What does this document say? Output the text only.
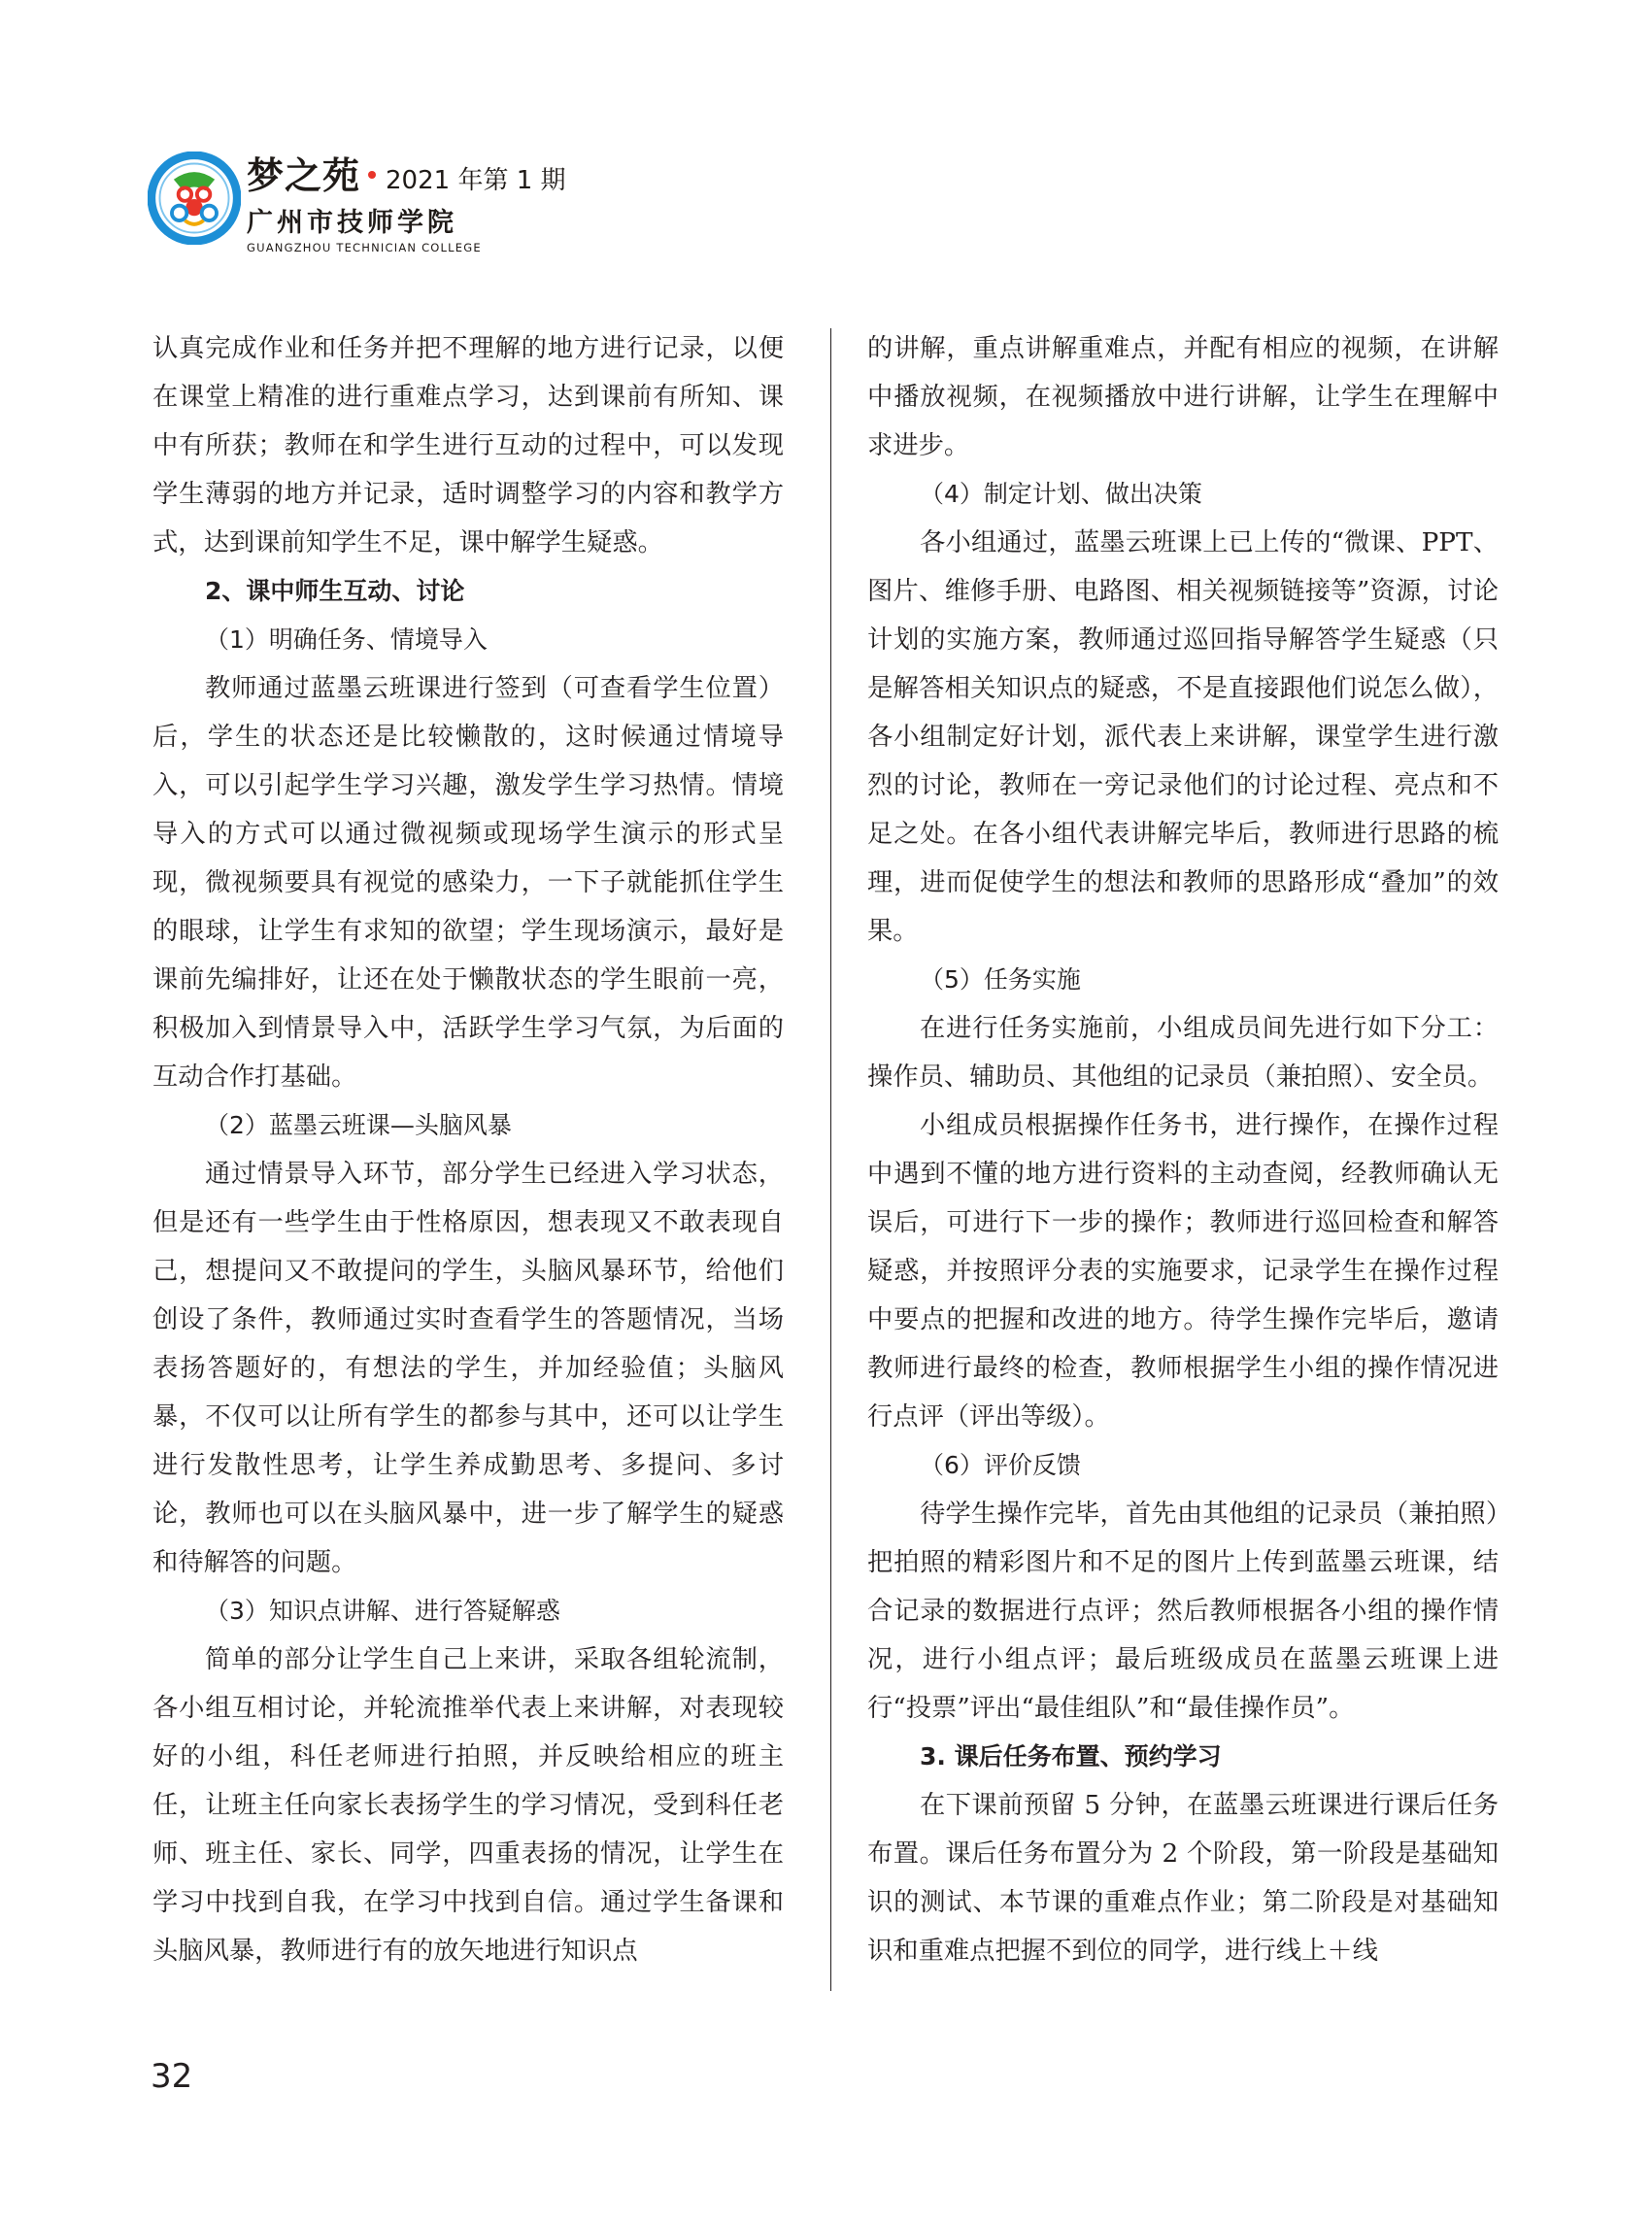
梦之苑 2021 年第 1 期
广州市技师学院
GUANGZHOU TECHNICIAN COLLEGE

认真完成作业和任务并把不理解的地方进行记录，以便在课堂上精准的进行重难点学习，达到课前有所知、课中有所获；教师在和学生进行互动的过程中，可以发现学生薄弱的地方并记录，适时调整学习的内容和教学方式，达到课前知学生不足，课中解学生疑惑。

2、课中师生互动、讨论

（1）明确任务、情境导入

教师通过蓝墨云班课进行签到（可查看学生位置）后，学生的状态还是比较懒散的，这时候通过情境导入，可以引起学生学习兴趣，激发学生学习热情。情境导入的方式可以通过微视频或现场学生演示的形式呈现，微视频要具有视觉的感染力，一下子就能抓住学生的眼球，让学生有求知的欲望；学生现场演示，最好是课前先编排好，让还在处于懒散状态的学生眼前一亮，积极加入到情景导入中，活跃学生学习气氛，为后面的互动合作打基础。

（2）蓝墨云班课—头脑风暴

通过情景导入环节，部分学生已经进入学习状态，但是还有一些学生由于性格原因，想表现又不敢表现自己，想提问又不敢提问的学生，头脑风暴环节，给他们创设了条件，教师通过实时查看学生的答题情况，当场表扬答题好的，有想法的学生，并加经验值；头脑风暴，不仅可以让所有学生的都参与其中，还可以让学生进行发散性思考，让学生养成勤思考、多提问、多讨论，教师也可以在头脑风暴中，进一步了解学生的疑惑和待解答的问题。

（3）知识点讲解、进行答疑解惑

简单的部分让学生自己上来讲，采取各组轮流制，各小组互相讨论，并轮流推举代表上来讲解，对表现较好的小组，科任老师进行拍照，并反映给相应的班主任，让班主任向家长表扬学生的学习情况，受到科任老师、班主任、家长、同学，四重表扬的情况，让学生在学习中找到自我，在学习中找到自信。通过学生备课和头脑风暴，教师进行有的放矢地进行知识点

的讲解，重点讲解重难点，并配有相应的视频，在讲解中播放视频，在视频播放中进行讲解，让学生在理解中求进步。

（4）制定计划、做出决策

各小组通过，蓝墨云班课上已上传的“微课、PPT、图片、维修手册、电路图、相关视频链接等”资源，讨论计划的实施方案，教师通过巡回指导解答学生疑惑（只是解答相关知识点的疑惑，不是直接跟他们说怎么做），各小组制定好计划，派代表上来讲解，课堂学生进行激烈的讨论，教师在一旁记录他们的讨论过程、亮点和不足之处。在各小组代表讲解完毕后，教师进行思路的梳理，进而促使学生的想法和教师的思路形成“叠加”的效果。

（5）任务实施

在进行任务实施前，小组成员间先进行如下分工：操作员、辅助员、其他组的记录员（兼拍照）、安全员。

小组成员根据操作任务书，进行操作，在操作过程中遇到不懂的地方进行资料的主动查阅，经教师确认无误后，可进行下一步的操作；教师进行巡回检查和解答疑惑，并按照评分表的实施要求，记录学生在操作过程中要点的把握和改进的地方。待学生操作完毕后，邀请教师进行最终的检查，教师根据学生小组的操作情况进行点评（评出等级）。

（6）评价反馈

待学生操作完毕，首先由其他组的记录员（兼拍照）把拍照的精彩图片和不足的图片上传到蓝墨云班课，结合记录的数据进行点评；然后教师根据各小组的操作情况，进行小组点评；最后班级成员在蓝墨云班课上进行“投票”评出“最佳组队”和“最佳操作员”。

3. 课后任务布置、预约学习

在下课前预留 5 分钟，在蓝墨云班课进行课后任务布置。课后任务布置分为 2 个阶段，第一阶段是基础知识的测试、本节课的重难点作业；第二阶段是对基础知识和重难点把握不到位的同学，进行线上＋线

32
